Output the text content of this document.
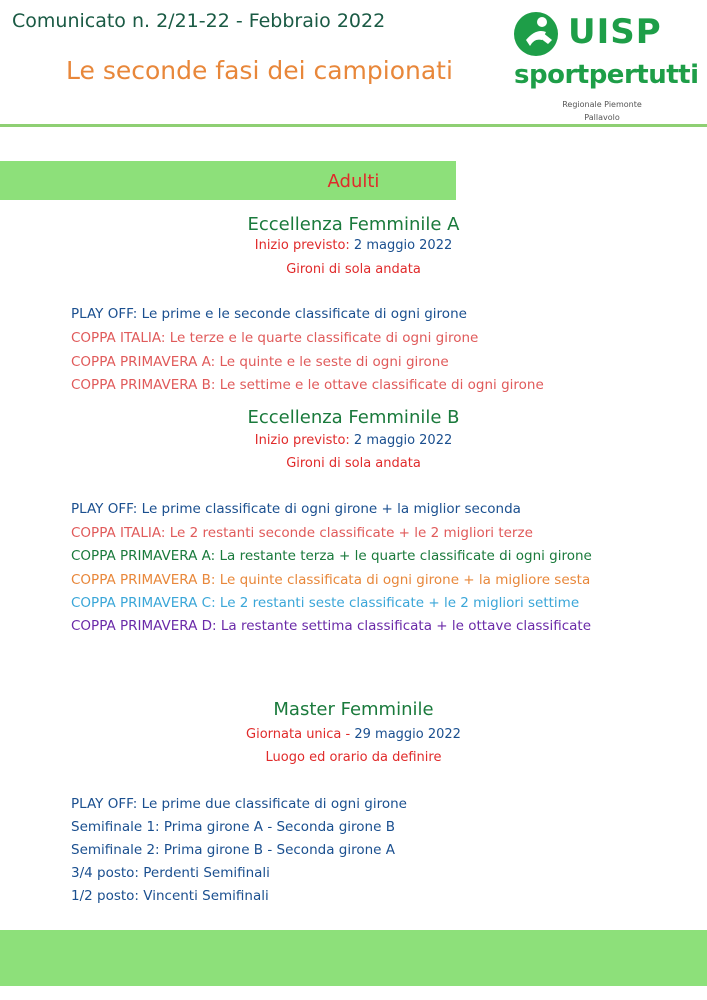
Comunicato n. 2/21-22 - Febbraio 2022
Le seconde fasi dei campionati
UISP
sportpertutti
Regionale Piemonte
Pallavolo
Adulti
Eccellenza Femminile A
Inizio previsto: 2 maggio 2022
Gironi di sola andata
PLAY OFF: Le prime e le seconde classificate di ogni girone
COPPA ITALIA: Le terze e le quarte classificate di ogni girone
COPPA PRIMAVERA A: Le quinte e le seste di ogni girone
COPPA PRIMAVERA B: Le settime e le ottave classificate di ogni girone
Eccellenza Femminile B
Inizio previsto: 2 maggio 2022
Gironi di sola andata
PLAY OFF: Le prime classificate di ogni girone + la miglior seconda
COPPA ITALIA: Le 2 restanti seconde classificate + le 2 migliori terze
COPPA PRIMAVERA A: La restante terza + le quarte classificate di ogni girone
COPPA PRIMAVERA B: Le quinte classificata di ogni girone + la migliore sesta
COPPA PRIMAVERA C: Le 2 restanti seste classificate + le 2 migliori settime
COPPA PRIMAVERA D: La restante settima classificata + le ottave classificate
Master Femminile
Giornata unica - 29 maggio 2022
Luogo ed orario da definire
PLAY OFF: Le prime due classificate di ogni girone
Semifinale 1: Prima girone A - Seconda girone B
Semifinale 2: Prima girone B - Seconda girone A
3/4 posto: Perdenti Semifinali
1/2 posto: Vincenti Semifinali
